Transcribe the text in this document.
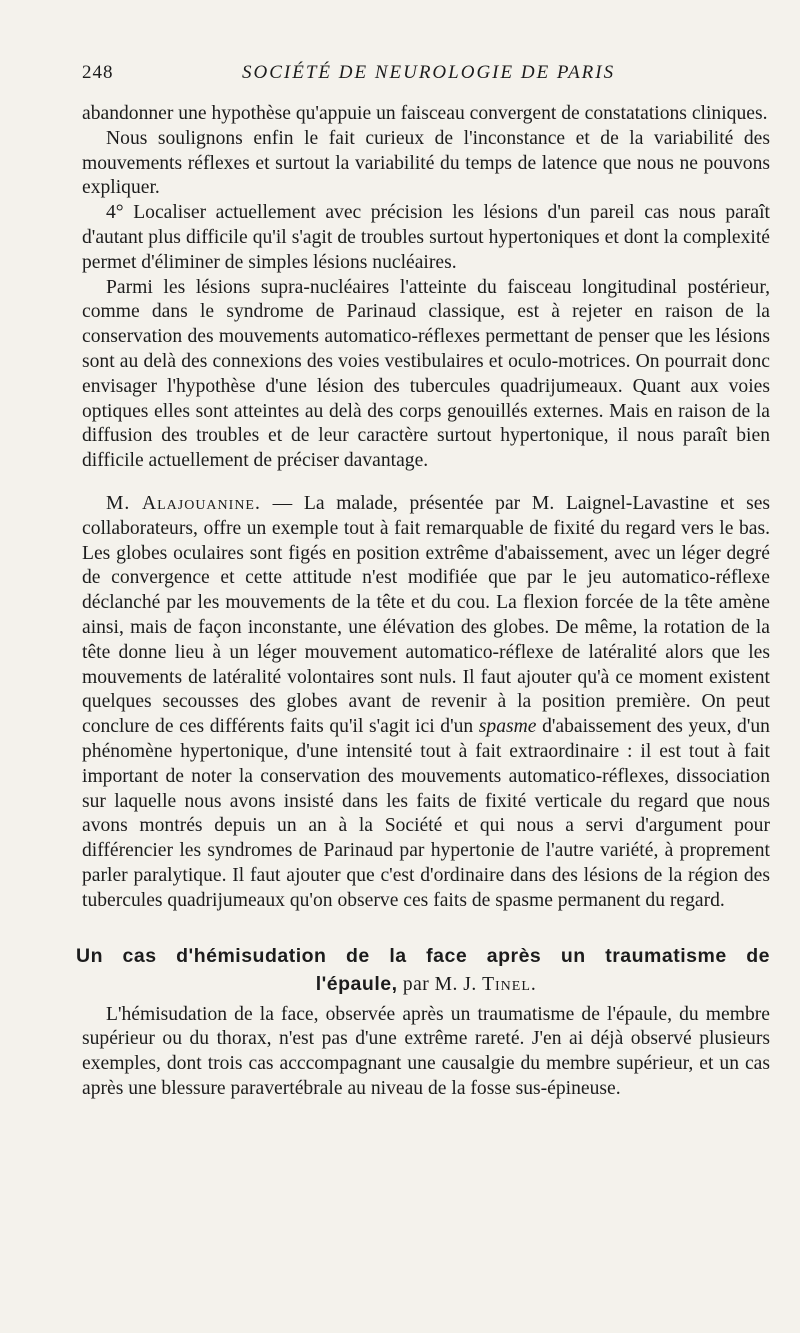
248	SOCIÉTÉ DE NEUROLOGIE DE PARIS

abandonner une hypothèse qu'appuie un faisceau convergent de constatations cliniques.

Nous soulignons enfin le fait curieux de l'inconstance et de la variabilité des mouvements réflexes et surtout la variabilité du temps de latence que nous ne pouvons expliquer.

4° Localiser actuellement avec précision les lésions d'un pareil cas nous paraît d'autant plus difficile qu'il s'agit de troubles surtout hypertoniques et dont la complexité permet d'éliminer de simples lésions nucléaires.

Parmi les lésions supra-nucléaires l'atteinte du faisceau longitudinal postérieur, comme dans le syndrome de Parinaud classique, est à rejeter en raison de la conservation des mouvements automatico-réflexes permettant de penser que les lésions sont au delà des connexions des voies vestibulaires et oculo-motrices. On pourrait donc envisager l'hypothèse d'une lésion des tubercules quadrijumeaux. Quant aux voies optiques elles sont atteintes au delà des corps genouillés externes. Mais en raison de la diffusion des troubles et de leur caractère surtout hypertonique, il nous paraît bien difficile actuellement de préciser davantage.

M. Alajouanine. — La malade, présentée par M. Laignel-Lavastine et ses collaborateurs, offre un exemple tout à fait remarquable de fixité du regard vers le bas. Les globes oculaires sont figés en position extrême d'abaissement, avec un léger degré de convergence et cette attitude n'est modifiée que par le jeu automatico-réflexe déclanché par les mouvements de la tête et du cou. La flexion forcée de la tête amène ainsi, mais de façon inconstante, une élévation des globes. De même, la rotation de la tête donne lieu à un léger mouvement automatico-réflexe de latéralité alors que les mouvements de latéralité volontaires sont nuls. Il faut ajouter qu'à ce moment existent quelques secousses des globes avant de revenir à la position première. On peut conclure de ces différents faits qu'il s'agit ici d'un spasme d'abaissement des yeux, d'un phénomène hypertonique, d'une intensité tout à fait extraordinaire : il est tout à fait important de noter la conservation des mouvements automatico-réflexes, dissociation sur laquelle nous avons insisté dans les faits de fixité verticale du regard que nous avons montrés depuis un an à la Société et qui nous a servi d'argument pour différencier les syndromes de Parinaud par hypertonie de l'autre variété, à proprement parler paralytique. Il faut ajouter que c'est d'ordinaire dans des lésions de la région des tubercules quadrijumeaux qu'on observe ces faits de spasme permanent du regard.

Un cas d'hémisudation de la face après un traumatisme de
l'épaule, par M. J. Tinel.

L'hémisudation de la face, observée après un traumatisme de l'épaule, du membre supérieur ou du thorax, n'est pas d'une extrême rareté. J'en ai déjà observé plusieurs exemples, dont trois cas acccompagnant une causalgie du membre supérieur, et un cas après une blessure paravertébrale au niveau de la fosse sus-épineuse.
